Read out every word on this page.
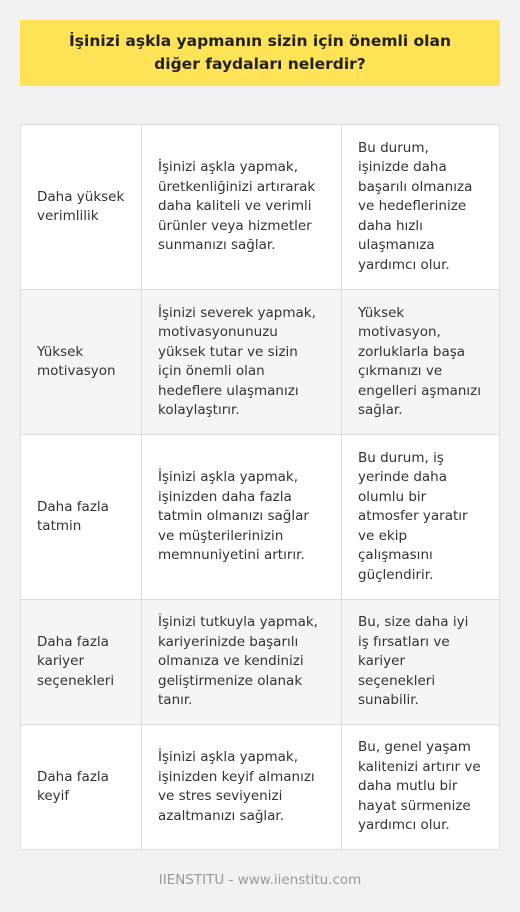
İşinizi aşkla yapmanın sizin için önemli olan diğer faydaları nelerdir?
Daha yüksek verimlilik
İşinizi aşkla yapmak, üretkenliğinizi artırarak daha kaliteli ve verimli ürünler veya hizmetler sunmanızı sağlar.
Bu durum, işinizde daha başarılı olmanıza ve hedeflerinize daha hızlı ulaşmanıza yardımcı olur.
Yüksek motivasyon
İşinizi severek yapmak, motivasyonunuzu yüksek tutar ve sizin için önemli olan hedeflere ulaşmanızı kolaylaştırır.
Yüksek motivasyon, zorluklarla başa çıkmanızı ve engelleri aşmanızı sağlar.
Daha fazla tatmin
İşinizi aşkla yapmak, işinizden daha fazla tatmin olmanızı sağlar ve müşterilerinizin memnuniyetini artırır.
Bu durum, iş yerinde daha olumlu bir atmosfer yaratır ve ekip çalışmasını güçlendirir.
Daha fazla kariyer seçenekleri
İşinizi tutkuyla yapmak, kariyerinizde başarılı olmanıza ve kendinizi geliştirmenize olanak tanır.
Bu, size daha iyi iş fırsatları ve kariyer seçenekleri sunabilir.
Daha fazla keyif
İşinizi aşkla yapmak, işinizden keyif almanızı ve stres seviyenizi azaltmanızı sağlar.
Bu, genel yaşam kalitenizi artırır ve daha mutlu bir hayat sürmenize yardımcı olur.
IIENSTITU - www.iienstitu.com
